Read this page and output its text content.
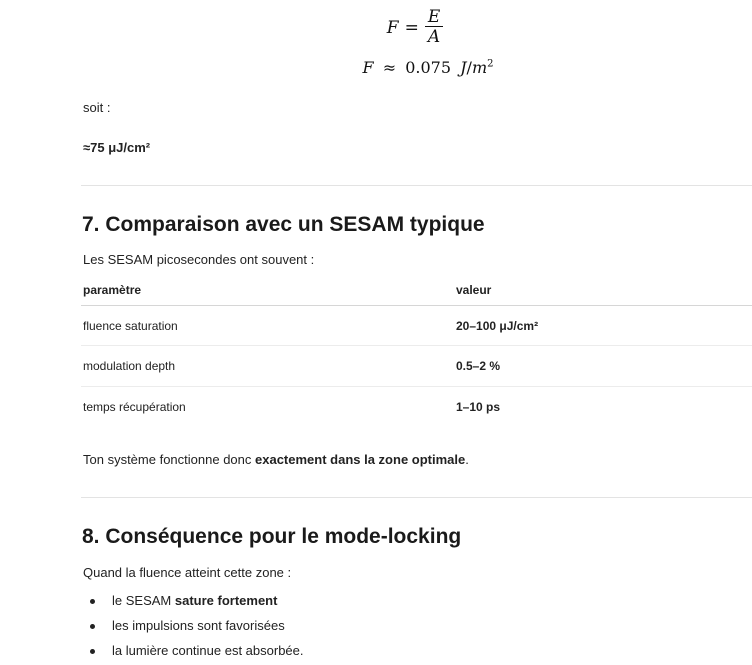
$F = \frac{E}{A}$
F ≈ 0.075 $J/m^2$
soit :
≈75 μJ/cm²
7. Comparaison avec un SESAM typique
Les SESAM picosecondes ont souvent :
paramètre	valeur
fluence saturation	20–100 μJ/cm²
modulation depth	0.5–2 %
temps récupération	1–10 ps
Ton système fonctionne donc exactement dans la zone optimale.
8. Conséquence pour le mode-locking
Quand la fluence atteint cette zone :
le SESAM sature fortement
les impulsions sont favorisées
la lumière continue est absorbée.
